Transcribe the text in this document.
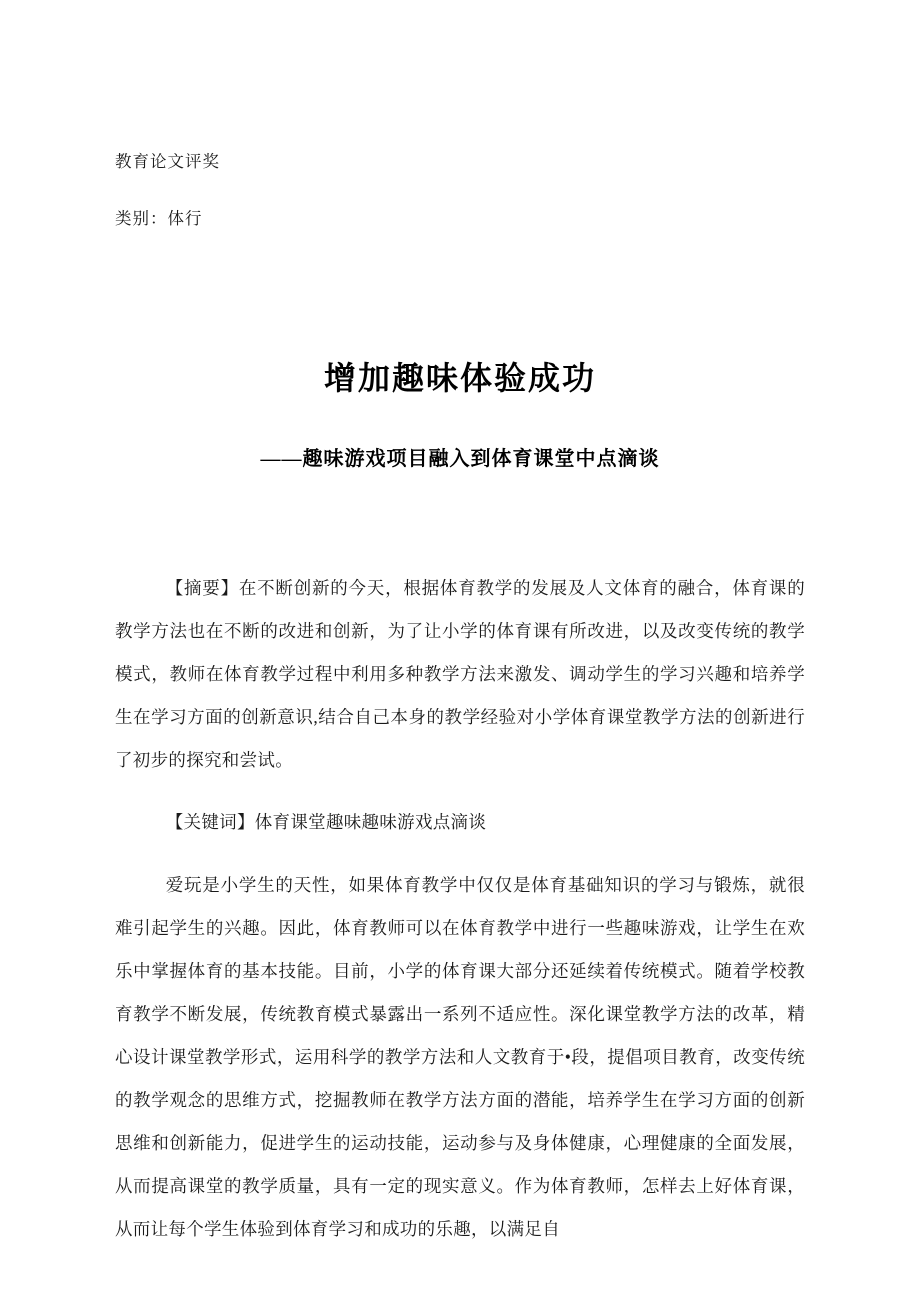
教育论文评奖

类别：体行

增加趣味体验成功
——趣味游戏项目融入到体育课堂中点滴谈

【摘要】在不断创新的今天，根据体育教学的发展及人文体育的融合，体育课的教学方法也在不断的改进和创新，为了让小学的体育课有所改进，以及改变传统的教学模式，教师在体育教学过程中利用多种教学方法来激发、调动学生的学习兴趣和培养学生在学习方面的创新意识,结合自己本身的教学经验对小学体育课堂教学方法的创新进行了初步的探究和尝试。

【关键词】体育课堂趣味趣味游戏点滴谈

爱玩是小学生的天性，如果体育教学中仅仅是体育基础知识的学习与锻炼，就很难引起学生的兴趣。因此，体育教师可以在体育教学中进行一些趣味游戏，让学生在欢乐中掌握体育的基本技能。目前，小学的体育课大部分还延续着传统模式。随着学校教育教学不断发展，传统教育模式暴露出一系列不适应性。深化课堂教学方法的改革，精心设计课堂教学形式，运用科学的教学方法和人文教育于•段，提倡项目教育，改变传统的教学观念的思维方式，挖掘教师在教学方法方面的潜能，培养学生在学习方面的创新思维和创新能力，促进学生的运动技能，运动参与及身体健康，心理健康的全面发展，从而提高课堂的教学质量，具有一定的现实意义。作为体育教师，怎样去上好体育课，从而让每个学生体验到体育学习和成功的乐趣，以满足自
